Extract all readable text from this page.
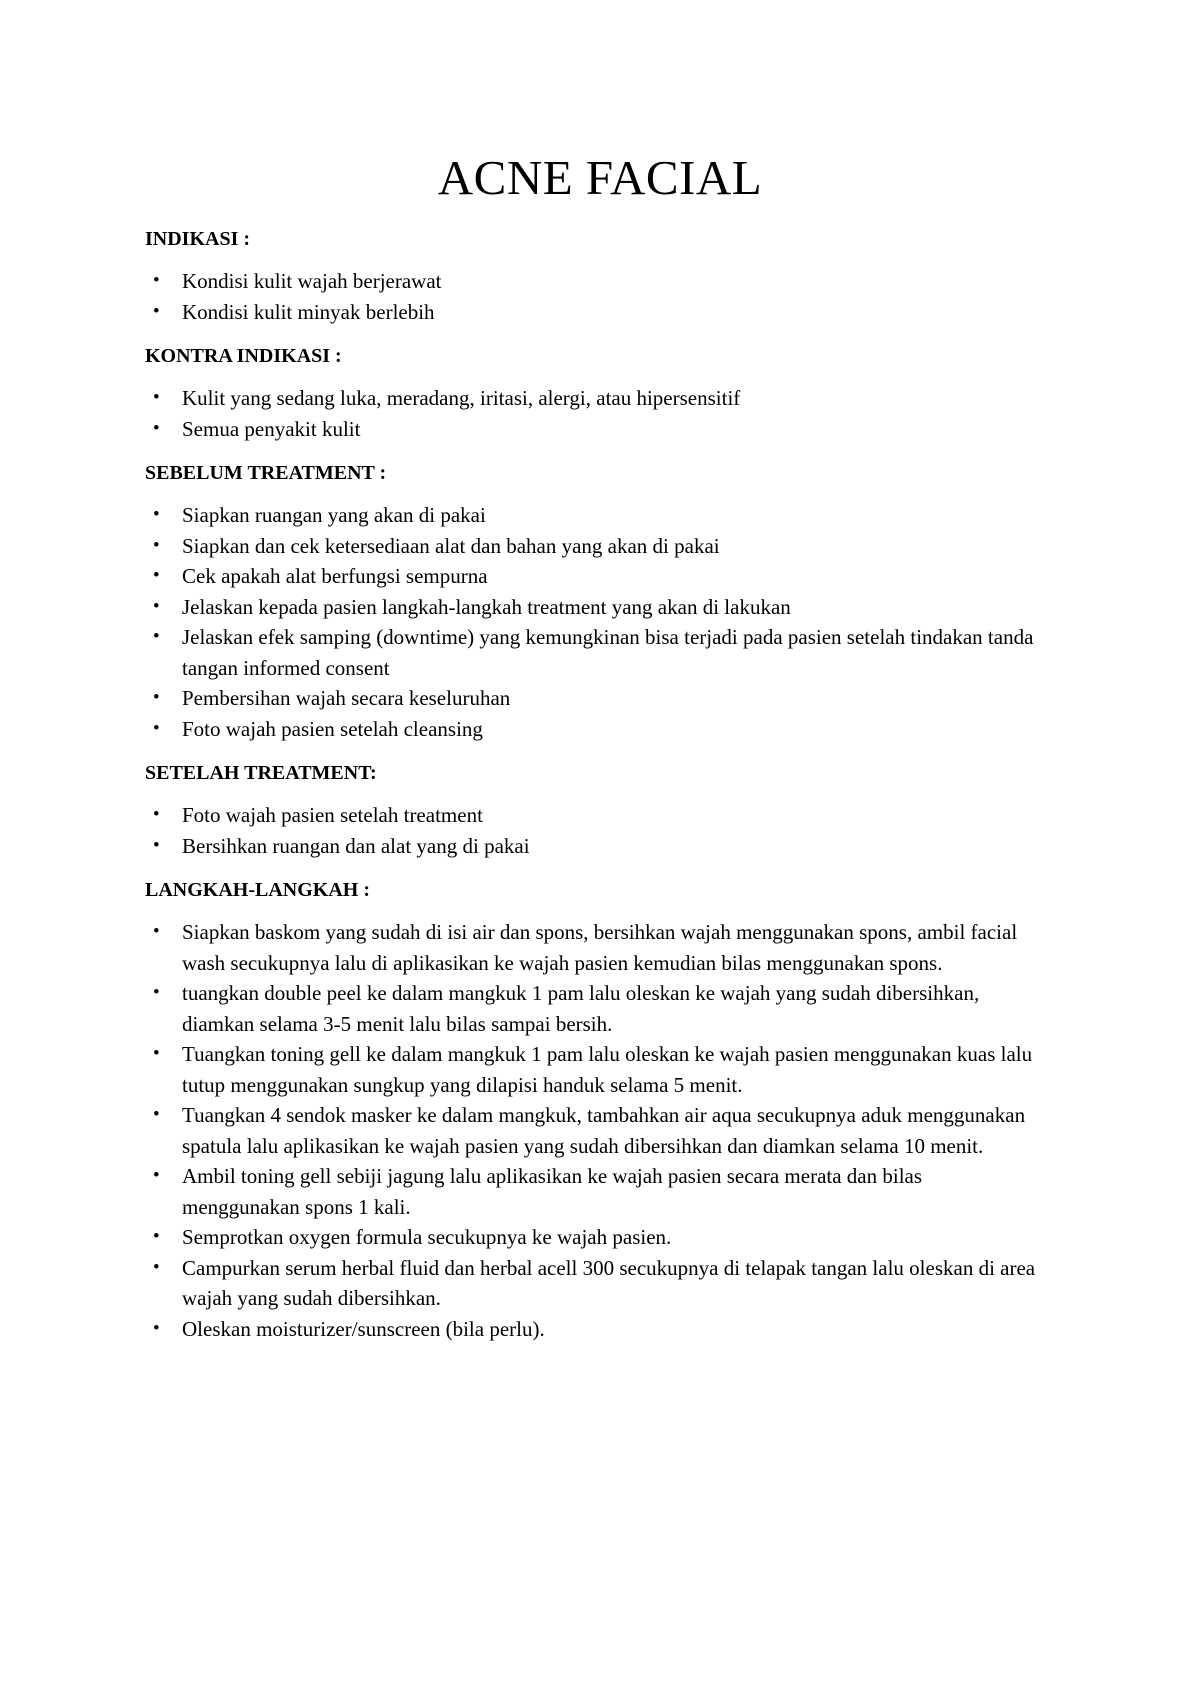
ACNE FACIAL
INDIKASI :
• Kondisi kulit wajah berjerawat
• Kondisi kulit minyak berlebih
KONTRA INDIKASI :
• Kulit yang sedang luka, meradang, iritasi, alergi, atau hipersensitif
• Semua penyakit kulit
SEBELUM TREATMENT :
• Siapkan ruangan yang akan di pakai
• Siapkan dan cek ketersediaan alat dan bahan yang akan di pakai
• Cek apakah alat berfungsi sempurna
• Jelaskan kepada pasien langkah-langkah treatment yang akan di lakukan
• Jelaskan efek samping (downtime) yang kemungkinan bisa terjadi pada pasien setelah tindakan tanda tangan informed consent
• Pembersihan wajah secara keseluruhan
• Foto wajah pasien setelah cleansing
SETELAH TREATMENT:
• Foto wajah pasien setelah treatment
• Bersihkan ruangan dan alat yang di pakai
LANGKAH-LANGKAH :
• Siapkan baskom yang sudah di isi air dan spons, bersihkan wajah menggunakan spons, ambil facial wash secukupnya lalu di aplikasikan ke wajah pasien kemudian bilas menggunakan spons.
• tuangkan double peel ke dalam mangkuk 1 pam lalu oleskan ke wajah yang sudah dibersihkan, diamkan selama 3-5 menit lalu bilas sampai bersih.
• Tuangkan toning gell ke dalam mangkuk 1 pam lalu oleskan ke wajah pasien menggunakan kuas lalu tutup menggunakan sungkup yang dilapisi handuk selama 5 menit.
• Tuangkan 4 sendok masker ke dalam mangkuk, tambahkan air aqua secukupnya aduk menggunakan spatula lalu aplikasikan ke wajah pasien yang sudah dibersihkan dan diamkan selama 10 menit.
• Ambil toning gell sebiji jagung lalu aplikasikan ke wajah pasien secara merata dan bilas menggunakan spons 1 kali.
• Semprotkan oxygen formula secukupnya ke wajah pasien.
• Campurkan serum herbal fluid dan herbal acell 300 secukupnya di telapak tangan lalu oleskan di area wajah yang sudah dibersihkan.
• Oleskan moisturizer/sunscreen (bila perlu).
